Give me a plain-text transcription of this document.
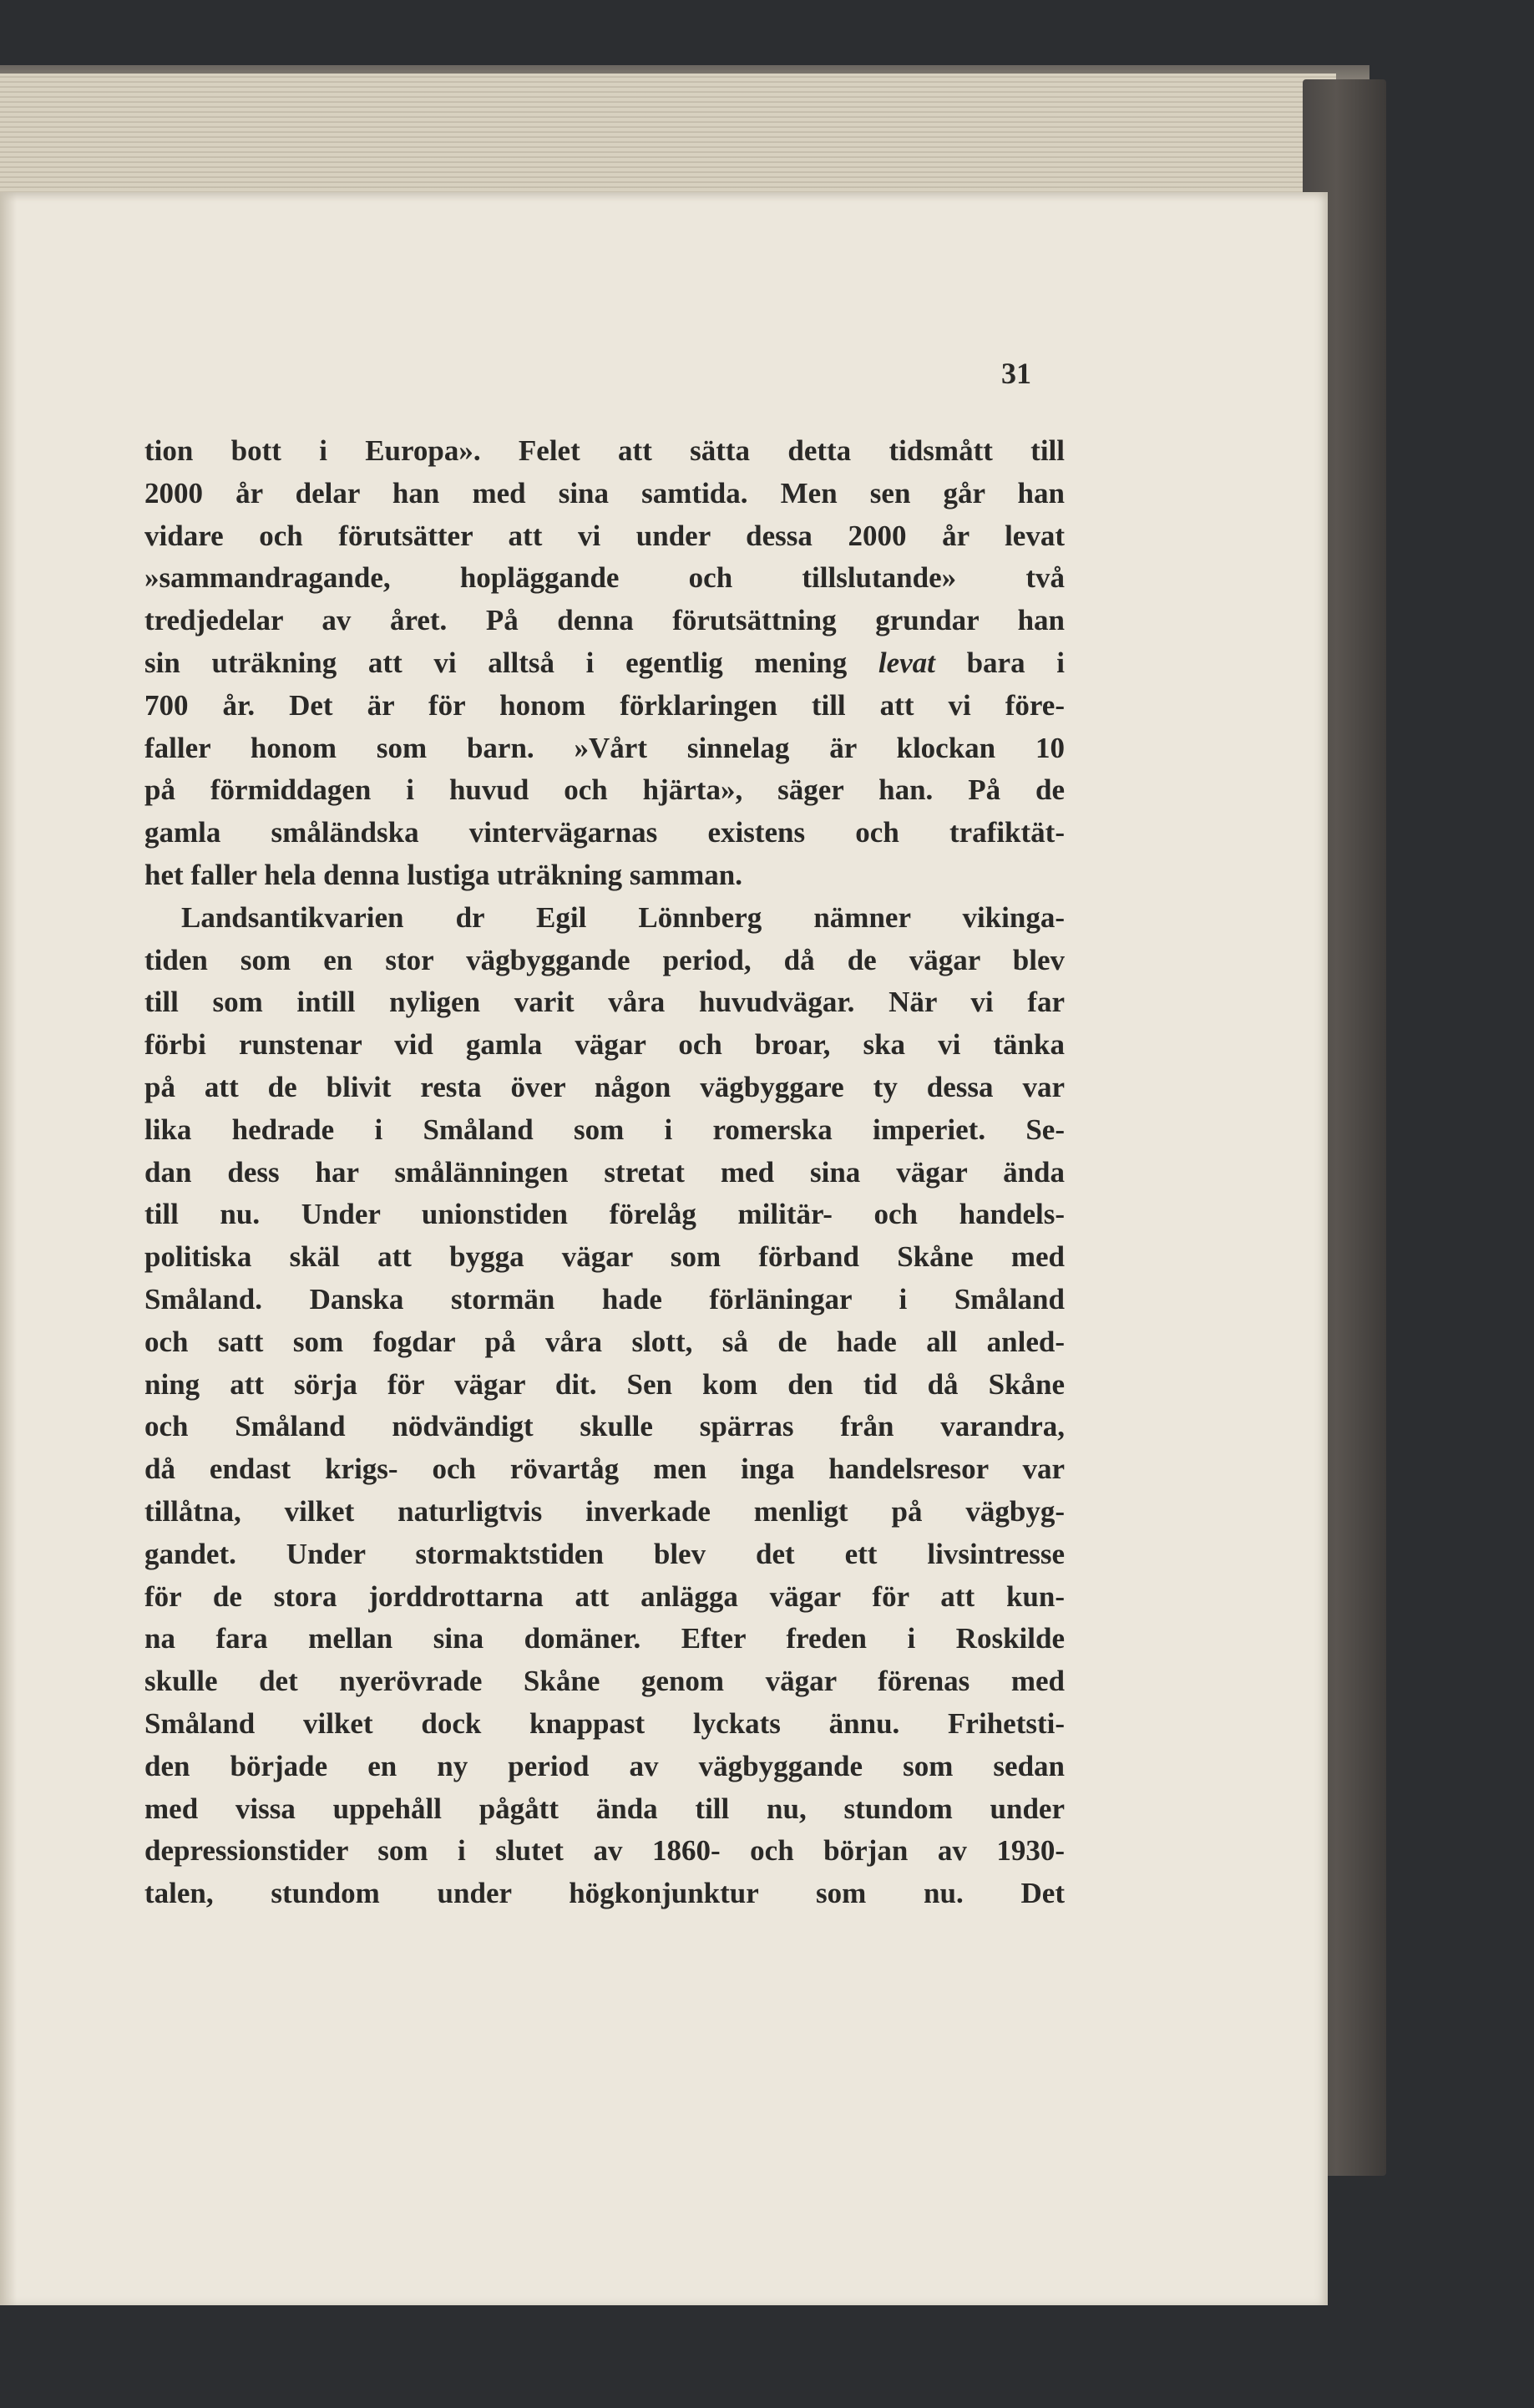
31

tion bott i Europa». Felet att sätta detta tidsmått till
2000 år delar han med sina samtida. Men sen går han
vidare och förutsätter att vi under dessa 2000 år levat
»sammandragande, hopläggande och tillslutande» två
tredjedelar av året. På denna förutsättning grundar han
sin uträkning att vi alltså i egentlig mening levat bara i
700 år. Det är för honom förklaringen till att vi före-
faller honom som barn. »Vårt sinnelag är klockan 10
på förmiddagen i huvud och hjärta», säger han. På de
gamla småländska vintervägarnas existens och trafiktät-
het faller hela denna lustiga uträkning samman.
Landsantikvarien dr Egil Lönnberg nämner vikinga-
tiden som en stor vägbyggande period, då de vägar blev
till som intill nyligen varit våra huvudvägar. När vi far
förbi runstenar vid gamla vägar och broar, ska vi tänka
på att de blivit resta över någon vägbyggare ty dessa var
lika hedrade i Småland som i romerska imperiet. Se-
dan dess har smålänningen stretat med sina vägar ända
till nu. Under unionstiden förelåg militär- och handels-
politiska skäl att bygga vägar som förband Skåne med
Småland. Danska stormän hade förläningar i Småland
och satt som fogdar på våra slott, så de hade all anled-
ning att sörja för vägar dit. Sen kom den tid då Skåne
och Småland nödvändigt skulle spärras från varandra,
då endast krigs- och rövartåg men inga handelsresor var
tillåtna, vilket naturligtvis inverkade menligt på vägbyg-
gandet. Under stormaktstiden blev det ett livsintresse
för de stora jorddrottarna att anlägga vägar för att kun-
na fara mellan sina domäner. Efter freden i Roskilde
skulle det nyerövrade Skåne genom vägar förenas med
Småland vilket dock knappast lyckats ännu. Frihetsti-
den började en ny period av vägbyggande som sedan
med vissa uppehåll pågått ända till nu, stundom under
depressionstider som i slutet av 1860- och början av 1930-
talen, stundom under högkonjunktur som nu. Det
